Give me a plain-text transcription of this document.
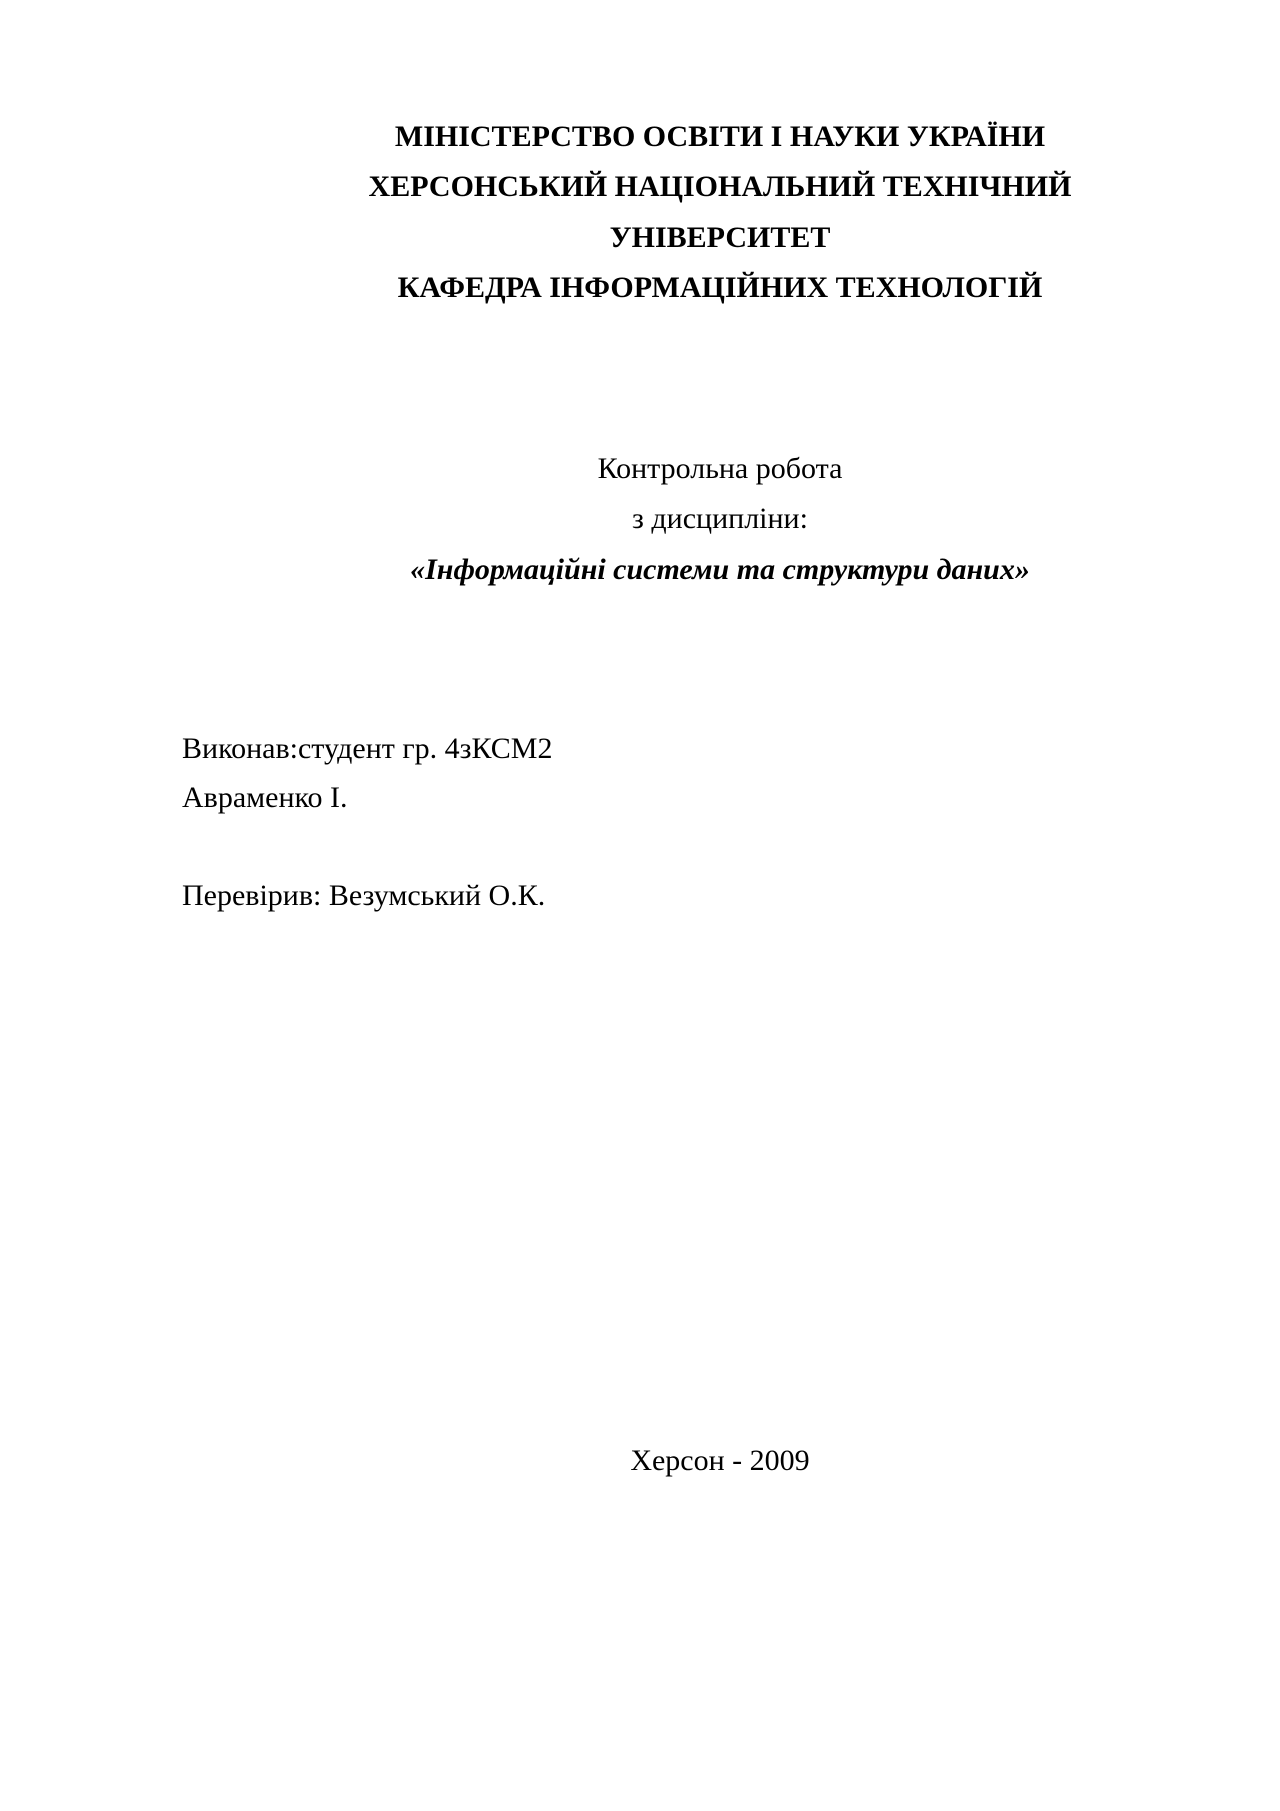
МІНІСТЕРСТВО ОСВІТИ І НАУКИ УКРАЇНИ
ХЕРСОНСЬКИЙ НАЦІОНАЛЬНИЙ ТЕХНІЧНИЙ
УНІВЕРСИТЕТ
КАФЕДРА ІНФОРМАЦІЙНИХ ТЕХНОЛОГІЙ
Контрольна робота
з дисципліни:
«Інформаційні системи та структури даних»
Виконав:студент гр. 4зКСМ2
Авраменко І.
Перевірив: Везумський О.К.
Херсон - 2009
